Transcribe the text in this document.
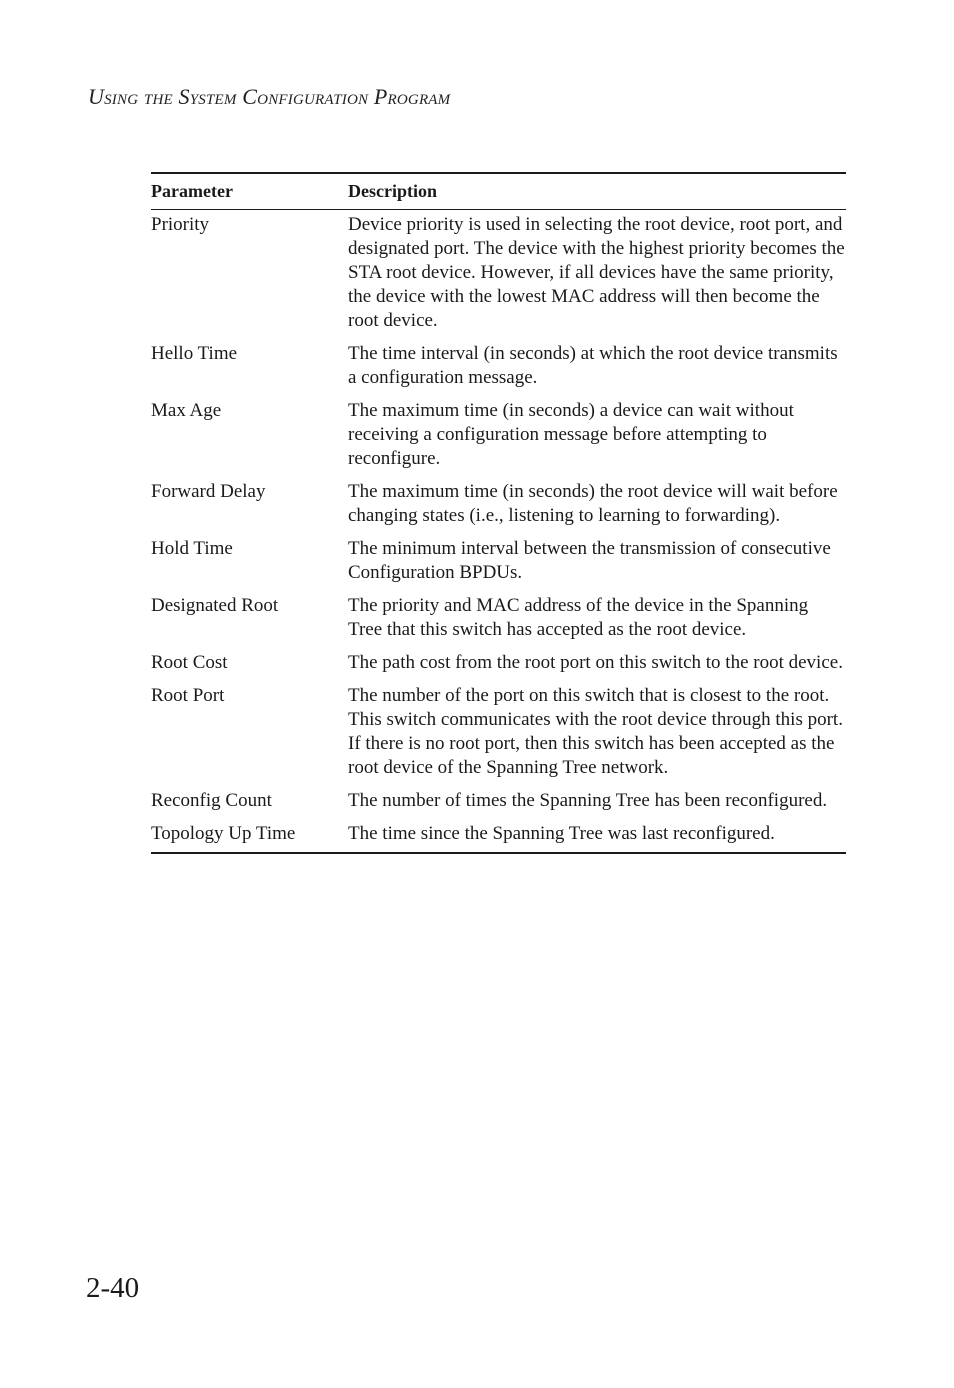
Using the System Configuration Program
Parameter	Description
Priority	Device priority is used in selecting the root device, root port, and designated port. The device with the highest priority becomes the STA root device. However, if all devices have the same priority, the device with the lowest MAC address will then become the root device.
Hello Time	The time interval (in seconds) at which the root device transmits a configuration message.
Max Age	The maximum time (in seconds) a device can wait without receiving a configuration message before attempting to reconfigure.
Forward Delay	The maximum time (in seconds) the root device will wait before changing states (i.e., listening to learning to forwarding).
Hold Time	The minimum interval between the transmission of consecutive Configuration BPDUs.
Designated Root	The priority and MAC address of the device in the Spanning Tree that this switch has accepted as the root device.
Root Cost	The path cost from the root port on this switch to the root device.
Root Port	The number of the port on this switch that is closest to the root. This switch communicates with the root device through this port. If there is no root port, then this switch has been accepted as the root device of the Spanning Tree network.
Reconfig Count	The number of times the Spanning Tree has been reconfigured.
Topology Up Time	The time since the Spanning Tree was last reconfigured.
2-40
